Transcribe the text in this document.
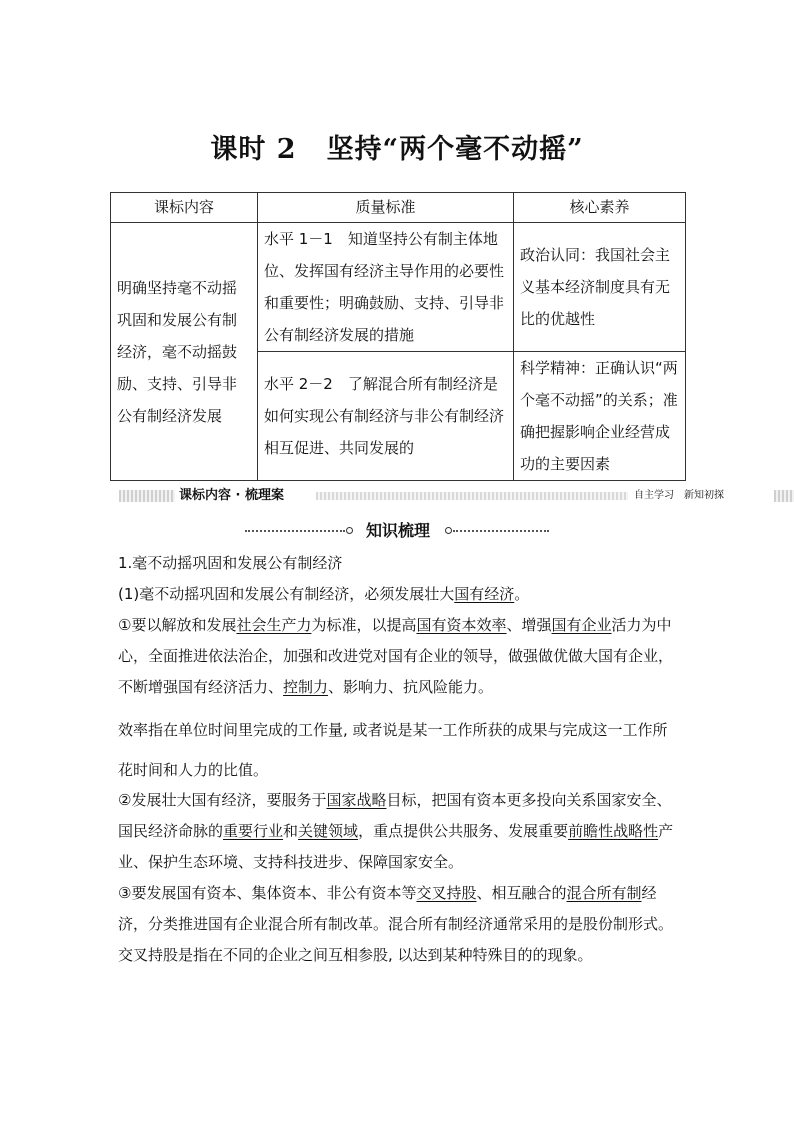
课时 2 坚持“两个毫不动摇”
课标内容	质量标准	核心素养
明确坚持毫不动摇巩固和发展公有制经济，毫不动摇鼓励、支持、引导非公有制经济发展	水平 1－1　知道坚持公有制主体地位、发挥国有经济主导作用的必要性和重要性；明确鼓励、支持、引导非公有制经济发展的措施	政治认同：我国社会主义基本经济制度具有无比的优越性
	水平 2－2　了解混合所有制经济是如何实现公有制经济与非公有制经济相互促进、共同发展的	科学精神：正确认识“两个毫不动摇”的关系；准确把握影响企业经营成功的主要因素
课标内容 · 梳理案	自主学习　新知初探
知识梳理

1.毫不动摇巩固和发展公有制经济

(1)毫不动摇巩固和发展公有制经济，必须发展壮大国有经济。

①要以解放和发展社会生产力为标准，以提高国有资本效率、增强国有企业活力为中心，全面推进依法治企，加强和改进党对国有企业的领导，做强做优做大国有企业，不断增强国有经济活力、控制力、影响力、抗风险能力。

效率指在单位时间里完成的工作量, 或者说是某一工作所获的成果与完成这一工作所花时间和人力的比值。

②发展壮大国有经济，要服务于国家战略目标，把国有资本更多投向关系国家安全、国民经济命脉的重要行业和关键领域，重点提供公共服务、发展重要前瞻性战略性产业、保护生态环境、支持科技进步、保障国家安全。

③要发展国有资本、集体资本、非公有资本等交叉持股、相互融合的混合所有制经济，分类推进国有企业混合所有制改革。混合所有制经济通常采用的是股份制形式。

交叉持股是指在不同的企业之间互相参股, 以达到某种特殊目的的现象。
